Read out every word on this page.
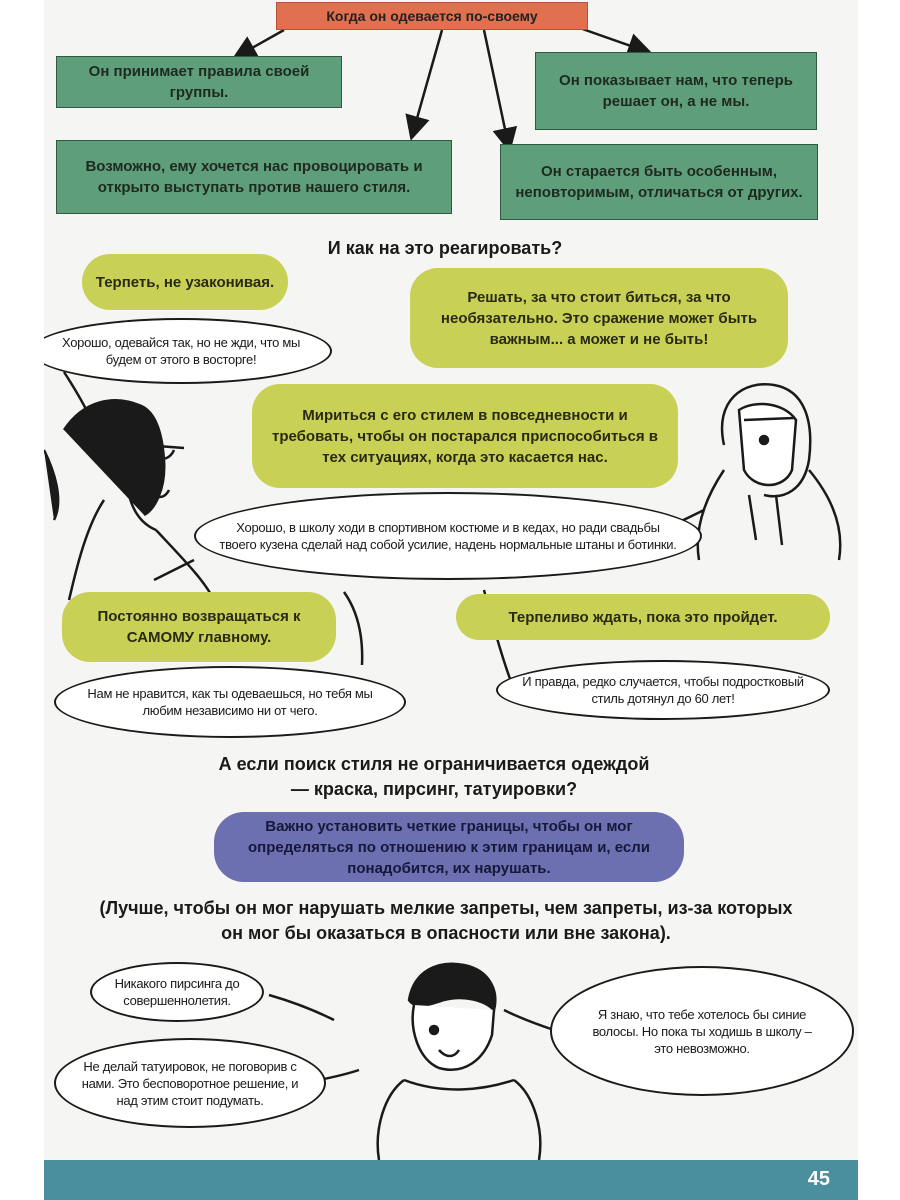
Когда он одевается по-своему
Он принимает правила своей группы.
Возможно, ему хочется нас провоцировать и открыто выступать против нашего стиля.
Он показывает нам, что теперь решает он, а не мы.
Он старается быть особенным, неповторимым, отличаться от других.
И как на это реагировать?
Терпеть, не узаконивая.
Решать, за что стоит биться, за что необязательно. Это сражение может быть важным... а может и не быть!
Хорошо, одевайся так, но не жди, что мы будем от этого в восторге!
Мириться с его стилем в повседневности и требовать, чтобы он постарался приспособиться в тех ситуациях, когда это касается нас.
Хорошо, в школу ходи в спортивном костюме и в кедах, но ради свадьбы твоего кузена сделай над собой усилие, надень нормальные штаны и ботинки.
Постоянно возвращаться к САМОМУ главному.
Терпеливо ждать, пока это пройдет.
Нам не нравится, как ты одеваешься, но тебя мы любим независимо ни от чего.
И правда, редко случается, чтобы подростковый стиль дотянул до 60 лет!
А если поиск стиля не ограничивается одеждой — краска, пирсинг, татуировки?
Важно установить четкие границы, чтобы он мог определяться по отношению к этим границам и, если понадобится, их нарушать.
(Лучше, чтобы он мог нарушать мелкие запреты, чем запреты, из-за которых он мог бы оказаться в опасности или вне закона).
Никакого пирсинга до совершеннолетия.
Не делай татуировок, не поговорив с нами. Это бесповоротное решение, и над этим стоит подумать.
Я знаю, что тебе хотелось бы синие волосы. Но пока ты ходишь в школу – это невозможно.
45
